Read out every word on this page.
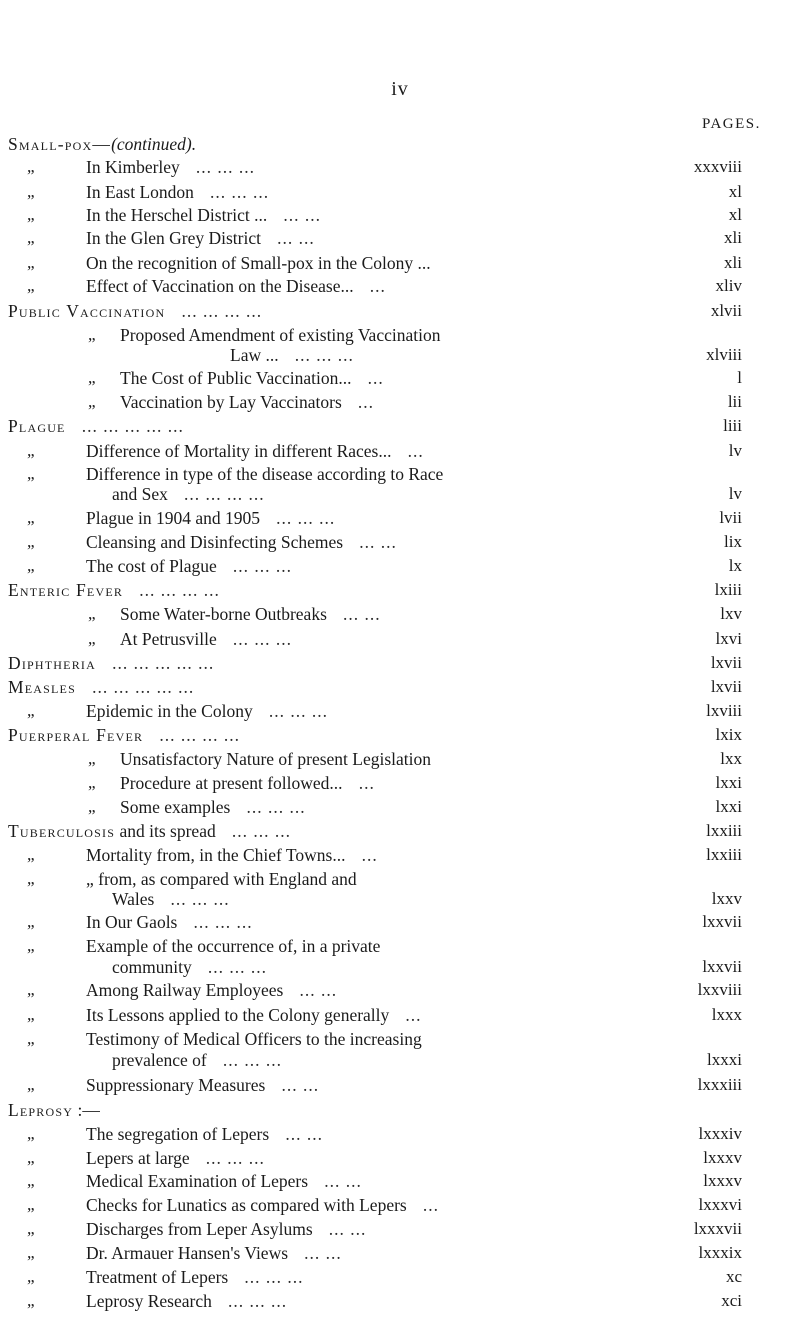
iv
PAGES.
Small-pox—(continued).
„	In Kimberley   ... ... ...	xxxviii
„	In East London   ... ... ...	xl
„	In the Herschel District ...   ... ...	xl
„	In the Glen Grey District   ... ...	xli
„	On the recognition of Small-pox in the Colony ...	xli
„	Effect of Vaccination on the Disease...   ...	xliv
Public Vaccination   ... ... ... ...	xlvii
„ Proposed Amendment of existing Vaccination
Law ...   ... ... ...	xlviii
„ The Cost of Public Vaccination...   ...	l
„ Vaccination by Lay Vaccinators   ...	lii
Plague   ... ... ... ... ...	liii
„	Difference of Mortality in different Races...   ...	lv
„	Difference in type of the disease according to Race
and Sex   ... ... ... ...	lv
„	Plague in 1904 and 1905   ... ... ...	lvii
„	Cleansing and Disinfecting Schemes   ... ...	lix
„	The cost of Plague   ... ... ...	lx
Enteric Fever   ... ... ... ...	lxiii
„ Some Water-borne Outbreaks   ... ...	lxv
„ At Petrusville   ... ... ...	lxvi
Diphtheria   ... ... ... ... ...	lxvii
Measles   ... ... ... ... ...	lxvii
„	Epidemic in the Colony   ... ... ...	lxviii
Puerperal Fever   ... ... ... ...	lxix
„ Unsatisfactory Nature of present Legislation	lxx
„ Procedure at present followed...   ...	lxxi
„ Some examples   ... ... ...	lxxi
Tuberculosis and its spread   ... ... ...	lxxiii
„	Mortality from, in the Chief Towns...   ...	lxxiii
„	„ from, as compared with England and
Wales   ... ... ...	lxxv
„	In Our Gaols   ... ... ...	lxxvii
„	Example of the occurrence of, in a private
community   ... ... ...	lxxvii
„	Among Railway Employees   ... ...	lxxviii
„	Its Lessons applied to the Colony generally   ...	lxxx
„	Testimony of Medical Officers to the increasing
prevalence of   ... ... ...	lxxxi
„	Suppressionary Measures   ... ...	lxxxiii
Leprosy :—
„	The segregation of Lepers   ... ...	lxxxiv
„	Lepers at large   ... ... ...	lxxxv
„	Medical Examination of Lepers   ... ...	lxxxv
„	Checks for Lunatics as compared with Lepers   ...	lxxxvi
„	Discharges from Leper Asylums   ... ...	lxxxvii
„	Dr. Armauer Hansen's Views   ... ...	lxxxix
„	Treatment of Lepers   ... ... ...	xc
„	Leprosy Research   ... ... ...	xci
